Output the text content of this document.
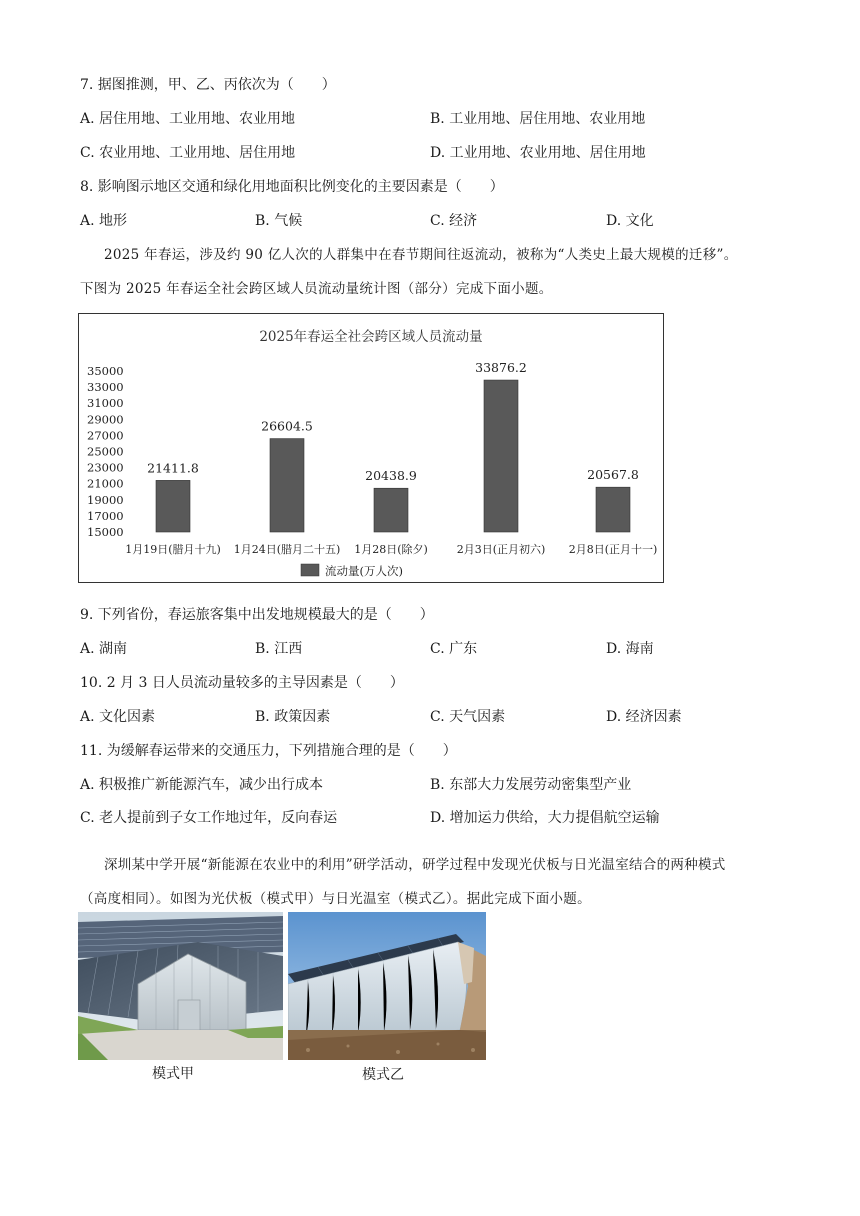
7. 据图推测，甲、乙、丙依次为（　　）
A. 居住用地、工业用地、农业用地	B. 工业用地、居住用地、农业用地
C. 农业用地、工业用地、居住用地	D. 工业用地、农业用地、居住用地
8. 影响图示地区交通和绿化用地面积比例变化的主要因素是（　　）
A. 地形	B. 气候	C. 经济	D. 文化
2025 年春运，涉及约 90 亿人次的人群集中在春节期间往返流动，被称为“人类史上最大规模的迁移”。
下图为 2025 年春运全社会跨区域人员流动量统计图（部分）完成下面小题。
2025年春运全社会跨区域人员流动量
35000
33000
31000
29000
27000
25000
23000
21000
19000
17000
15000
21411.8
1月19日(腊月十九)
26604.5
1月24日(腊月二十五)
20438.9
1月28日(除夕)
33876.2
2月3日(正月初六)
20567.8
2月8日(正月十一)
流动量(万人次)
9. 下列省份，春运旅客集中出发地规模最大的是（　　）
A. 湖南	B. 江西	C. 广东	D. 海南
10. 2 月 3 日人员流动量较多的主导因素是（　　）
A. 文化因素	B. 政策因素	C. 天气因素	D. 经济因素
11. 为缓解春运带来的交通压力，下列措施合理的是（　　）
A. 积极推广新能源汽车，减少出行成本	B. 东部大力发展劳动密集型产业
C. 老人提前到子女工作地过年，反向春运	D. 增加运力供给，大力提倡航空运输
深圳某中学开展“新能源在农业中的利用”研学活动，研学过程中发现光伏板与日光温室结合的两种模式
（高度相同）。如图为光伏板（模式甲）与日光温室（模式乙）。据此完成下面小题。
模式甲	模式乙
